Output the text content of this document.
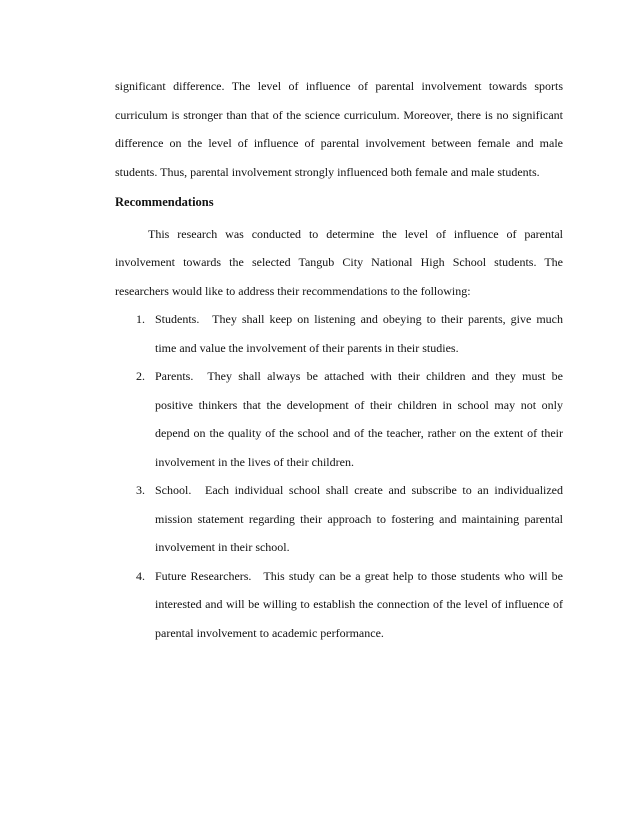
significant difference. The level of influence of parental involvement towards sports curriculum is stronger than that of the science curriculum. Moreover, there is no significant difference on the level of influence of parental involvement between female and male students. Thus, parental involvement strongly influenced both female and male students.

Recommendations

This research was conducted to determine the level of influence of parental involvement towards the selected Tangub City National High School students. The researchers would like to address their recommendations to the following:

1. Students. They shall keep on listening and obeying to their parents, give much time and value the involvement of their parents in their studies.
2. Parents. They shall always be attached with their children and they must be positive thinkers that the development of their children in school may not only depend on the quality of the school and of the teacher, rather on the extent of their involvement in the lives of their children.
3. School. Each individual school shall create and subscribe to an individualized mission statement regarding their approach to fostering and maintaining parental involvement in their school.
4. Future Researchers. This study can be a great help to those students who will be interested and will be willing to establish the connection of the level of influence of parental involvement to academic performance.
